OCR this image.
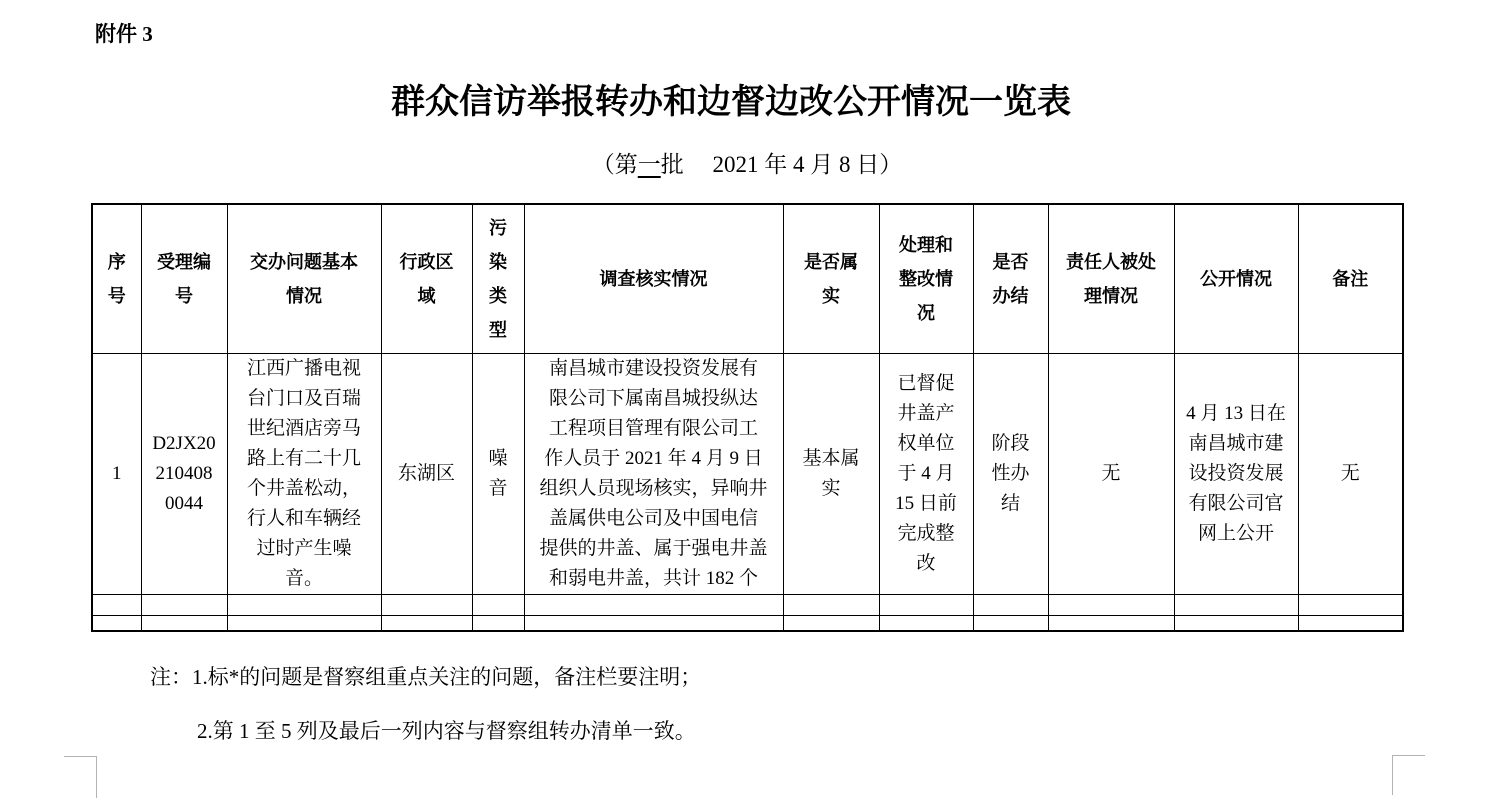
附件 3
群众信访举报转办和边督边改公开情况一览表
（第一批　 2021 年 4 月 8 日）
序
号	受理编
号	交办问题基本
情况	行政区
域	污
染
类
型	调查核实情况	是否属
实	处理和
整改情
况	是否
办结	责任人被处
理情况	公开情况	备注
1	D2JX20
210408
0044	江西广播电视
台门口及百瑞
世纪酒店旁马
路上有二十几
个井盖松动，
行人和车辆经
过时产生噪
音。	东湖区	噪
音	南昌城市建设投资发展有
限公司下属南昌城投纵达
工程项目管理有限公司工
作人员于 2021 年 4 月 9 日
组织人员现场核实，异响井
盖属供电公司及中国电信
提供的井盖、属于强电井盖
和弱电井盖，共计 182 个	基本属
实	已督促
井盖产
权单位
于 4 月
15 日前
完成整
改	阶段
性办
结	无	4 月 13 日在
南昌城市建
设投资发展
有限公司官
网上公开	无

注：1.标*的问题是督察组重点关注的问题，备注栏要注明；
2.第 1 至 5 列及最后一列内容与督察组转办清单一致。
